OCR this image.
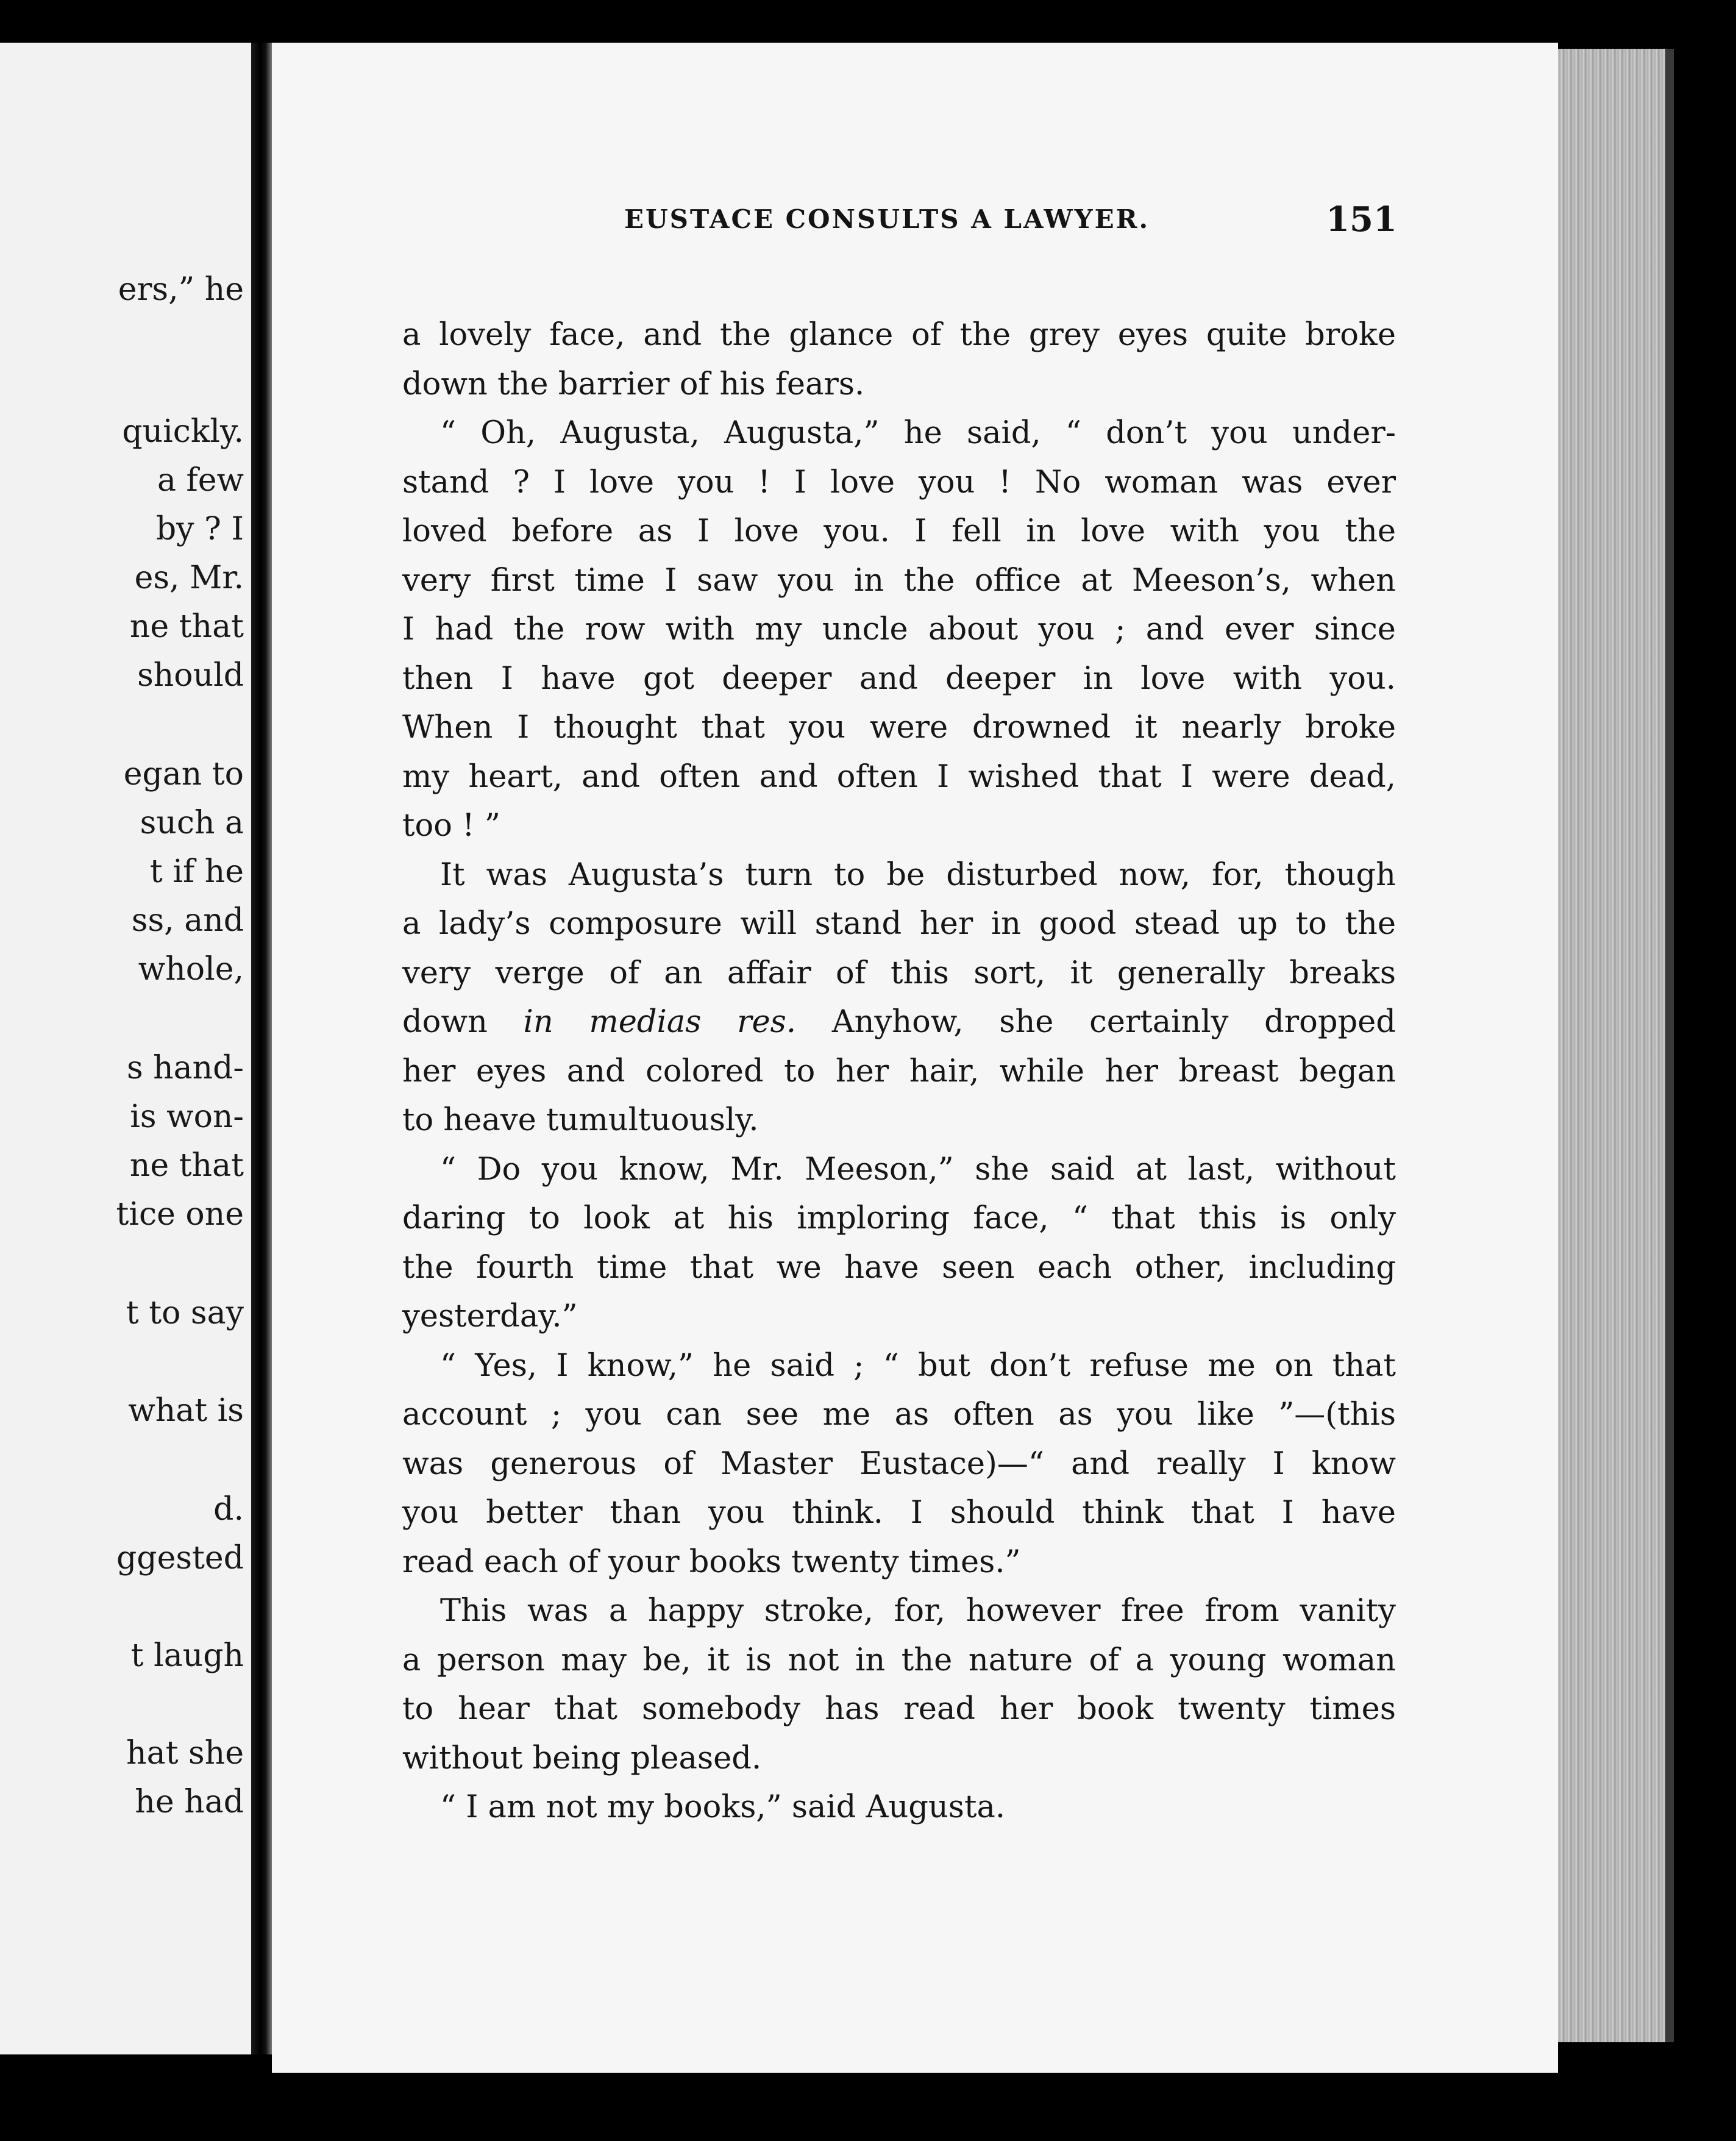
ers,” he
quickly.
a few
by ? I
es, Mr.
ne that
should
egan to
such a
t if he
ss, and
whole,
s hand-
is won-
ne that
tice one
t to say
what is
d.
ggested
t laugh
hat she
he had
EUSTACE CONSULTS A LAWYER.	151
a lovely face, and the glance of the grey eyes quite broke
down the barrier of his fears.
“ Oh, Augusta, Augusta,” he said, “ don’t you under-
stand ? I love you ! I love you ! No woman was ever
loved before as I love you. I fell in love with you the
very first time I saw you in the office at Meeson’s, when
I had the row with my uncle about you ; and ever since
then I have got deeper and deeper in love with you.
When I thought that you were drowned it nearly broke
my heart, and often and often I wished that I were dead,
too ! ”
It was Augusta’s turn to be disturbed now, for, though
a lady’s composure will stand her in good stead up to the
very verge of an affair of this sort, it generally breaks
down in medias res. Anyhow, she certainly dropped
her eyes and colored to her hair, while her breast began
to heave tumultuously.
“ Do you know, Mr. Meeson,” she said at last, without
daring to look at his imploring face, “ that this is only
the fourth time that we have seen each other, including
yesterday.”
“ Yes, I know,” he said ; “ but don’t refuse me on that
account ; you can see me as often as you like ”—(this
was generous of Master Eustace)—“ and really I know
you better than you think. I should think that I have
read each of your books twenty times.”
This was a happy stroke, for, however free from vanity
a person may be, it is not in the nature of a young woman
to hear that somebody has read her book twenty times
without being pleased.
“ I am not my books,” said Augusta.
